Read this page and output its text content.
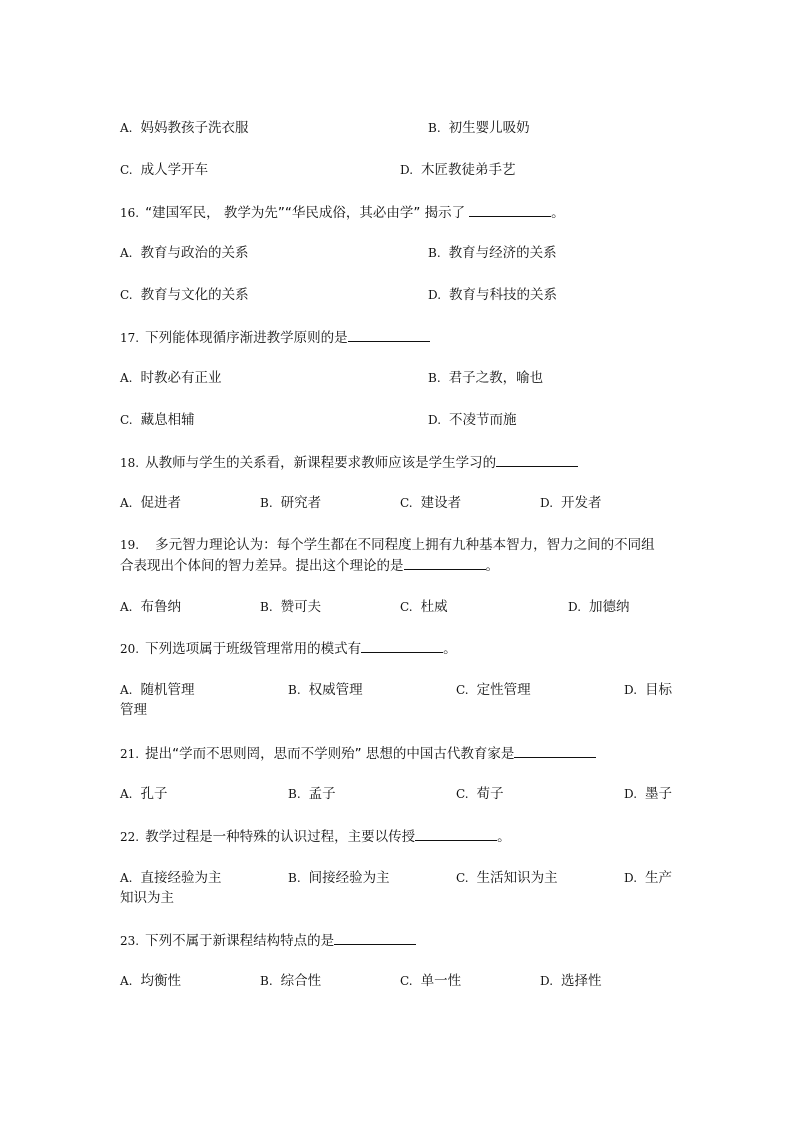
A. 妈妈教孩子洗衣服	B. 初生婴儿吸奶
C. 成人学开车	D. 木匠教徒弟手艺
16. “建国军民， 教学为先”“华民成俗，其必由学” 揭示了	。
A. 教育与政治的关系	B. 教育与经济的关系
C. 教育与文化的关系	D. 教育与科技的关系
17. 下列能体现循序渐进教学原则的是
A. 时教必有正业	B. 君子之教，喻也
C. 藏息相辅	D. 不凌节而施
18. 从教师与学生的关系看，新课程要求教师应该是学生学习的
A. 促进者	B. 研究者	C. 建设者	D. 开发者
19. 多元智力理论认为：每个学生都在不同程度上拥有九种基本智力，智力之间的不同组
合表现出个体间的智力差异。提出这个理论的是	。
A. 布鲁纳	B. 赞可夫	C. 杜威	D. 加德纳
20. 下列选项属于班级管理常用的模式有	。
A. 随机管理	B. 权威管理	C. 定性管理	D. 目标
管理
21. 提出“学而不思则罔，思而不学则殆” 思想的中国古代教育家是
A. 孔子	B. 孟子	C. 荀子	D. 墨子
22. 教学过程是一种特殊的认识过程，主要以传授	。
A. 直接经验为主	B. 间接经验为主	C. 生活知识为主	D. 生产
知识为主
23. 下列不属于新课程结构特点的是
A. 均衡性	B. 综合性	C. 单一性	D. 选择性
